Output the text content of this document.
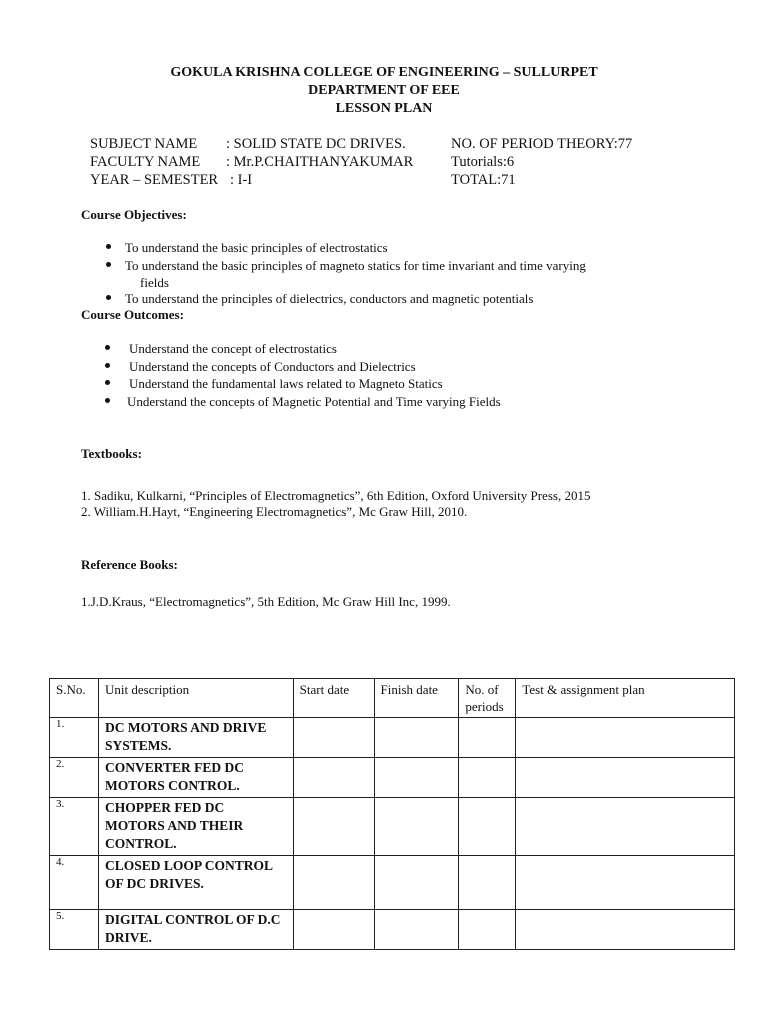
GOKULA KRISHNA COLLEGE OF ENGINEERING – SULLURPET
DEPARTMENT OF EEE
LESSON PLAN
SUBJECT NAME : SOLID STATE DC DRIVES.	NO. OF PERIOD THEORY:77
FACULTY NAME : Mr.P.CHAITHANYAKUMAR	Tutorials:6
YEAR – SEMESTER : I-I	TOTAL:71
Course Objectives:
To understand the basic principles of electrostatics
To understand the basic principles of magneto statics for time invariant and time varying
fields
To understand the principles of dielectrics, conductors and magnetic potentials
Course Outcomes:
Understand the concept of electrostatics
Understand the concepts of Conductors and Dielectrics
Understand the fundamental laws related to Magneto Statics
Understand the concepts of Magnetic Potential and Time varying Fields
Textbooks:
1. Sadiku, Kulkarni, “Principles of Electromagnetics”, 6th Edition, Oxford University Press, 2015
2. William.H.Hayt, “Engineering Electromagnetics”, Mc Graw Hill, 2010.
Reference Books:
1.J.D.Kraus, “Electromagnetics”, 5th Edition, Mc Graw Hill Inc, 1999.
S.No.	Unit description	Start date	Finish date	No. of periods	Test & assignment plan
1.	DC MOTORS AND DRIVE SYSTEMS.				
2.	CONVERTER FED DC MOTORS CONTROL.				
3.	CHOPPER FED DC MOTORS AND THEIR CONTROL.				
4.	CLOSED LOOP CONTROL OF DC DRIVES.				
5.	DIGITAL CONTROL OF D.C DRIVE.				
